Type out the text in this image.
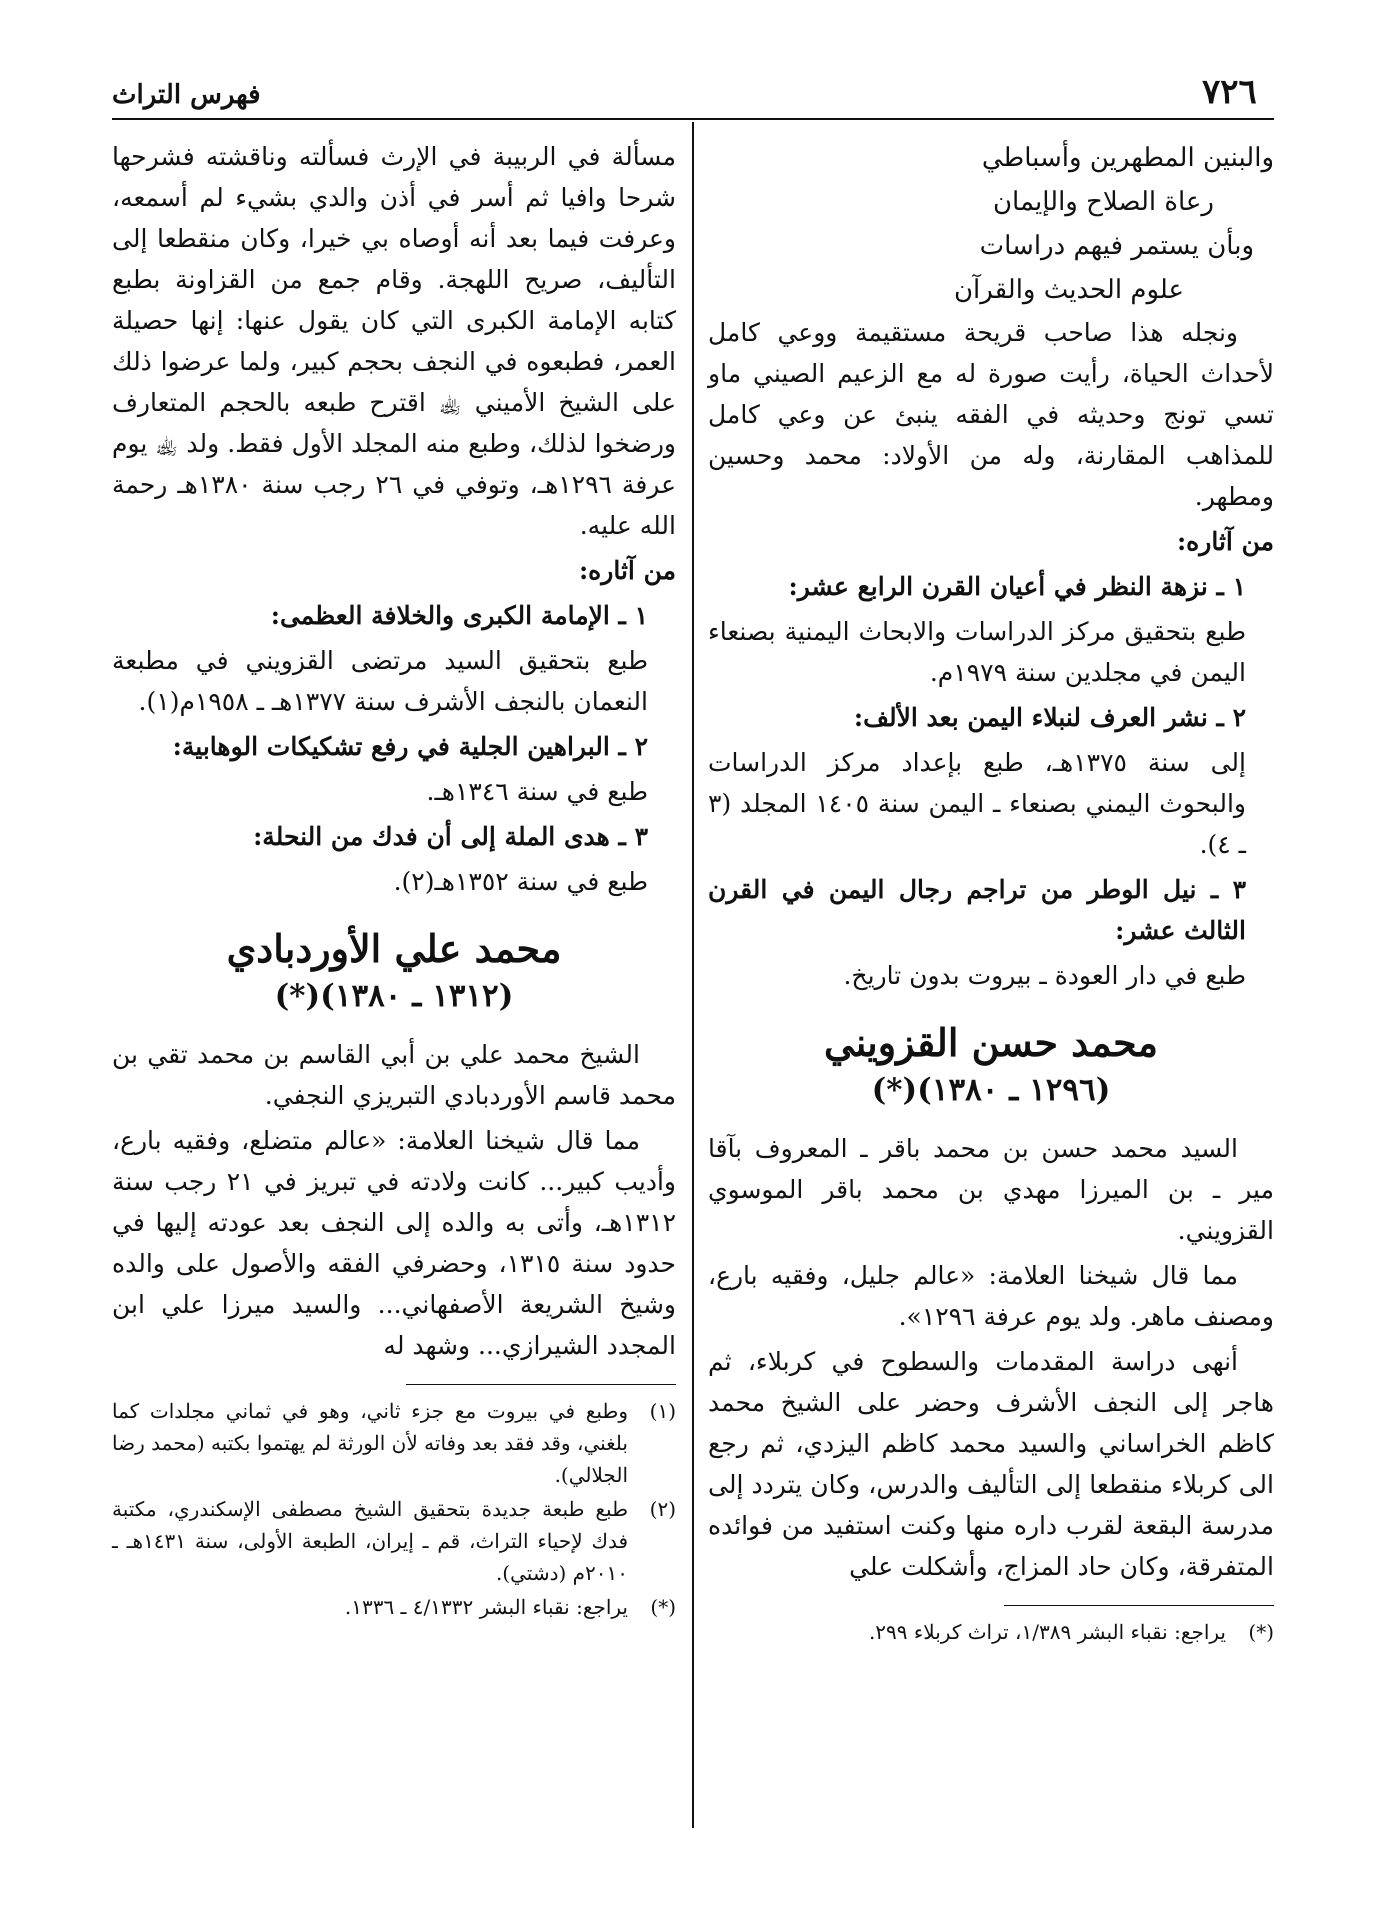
٧٢٦
فهرس التراث
والبنين المطهرين وأسباطي
رعاة الصلاح والإيمان
وبأن يستمر فيهم دراسات
علوم الحديث والقرآن

ونجله هذا صاحب قريحة مستقيمة ووعي كامل لأحداث الحياة، رأيت صورة له مع الزعيم الصيني ماو تسي تونج وحديثه في الفقه ينبئ عن وعي كامل للمذاهب المقارنة، وله من الأولاد: محمد وحسين ومطهر.

من آثاره:

١ ـ نزهة النظر في أعيان القرن الرابع عشر:

طبع بتحقيق مركز الدراسات والابحاث اليمنية بصنعاء اليمن في مجلدين سنة ١٩٧٩م.

٢ ـ نشر العرف لنبلاء اليمن بعد الألف:

إلى سنة ١٣٧٥هـ، طبع بإعداد مركز الدراسات والبحوث اليمني بصنعاء ـ اليمن سنة ١٤٠٥ المجلد (٣ ـ ٤).

٣ ـ نيل الوطر من تراجم رجال اليمن في القرن الثالث عشر:

طبع في دار العودة ـ بيروت بدون تاريخ.

محمد حسن القزويني
(١٢٩٦ ـ ١٣٨٠)(*)

السيد محمد حسن بن محمد باقر ـ المعروف بآقا مير ـ بن الميرزا مهدي بن محمد باقر الموسوي القزويني.

مما قال شيخنا العلامة: «عالم جليل، وفقيه بارع، ومصنف ماهر. ولد يوم عرفة ١٢٩٦».

أنهى دراسة المقدمات والسطوح في كربلاء، ثم هاجر إلى النجف الأشرف وحضر على الشيخ محمد كاظم الخراساني والسيد محمد كاظم اليزدي، ثم رجع الى كربلاء منقطعا إلى التأليف والدرس، وكان يتردد إلى مدرسة البقعة لقرب داره منها وكنت استفيد من فوائده المتفرقة، وكان حاد المزاج، وأشكلت علي

(*)
يراجع: نقباء البشر ١/٣٨٩، تراث كربلاء ٢٩٩.

مسألة في الربيبة في الإرث فسألته وناقشته فشرحها شرحا وافيا ثم أسر في أذن والدي بشيء لم أسمعه، وعرفت فيما بعد أنه أوصاه بي خيرا، وكان منقطعا إلى التأليف، صريح اللهجة. وقام جمع من القزاونة بطبع كتابه الإمامة الكبرى التي كان يقول عنها: إنها حصيلة العمر، فطبعوه في النجف بحجم كبير، ولما عرضوا ذلك على الشيخ الأميني ﵀ اقترح طبعه بالحجم المتعارف ورضخوا لذلك، وطبع منه المجلد الأول فقط. ولد ﵀ يوم عرفة ١٢٩٦هـ، وتوفي في ٢٦ رجب سنة ١٣٨٠هـ رحمة الله عليه.

من آثاره:

١ ـ الإمامة الكبرى والخلافة العظمى:

طبع بتحقيق السيد مرتضى القزويني في مطبعة النعمان بالنجف الأشرف سنة ١٣٧٧هـ ـ ١٩٥٨م(١).

٢ ـ البراهين الجلية في رفع تشكيكات الوهابية:

طبع في سنة ١٣٤٦هـ.

٣ ـ هدى الملة إلى أن فدك من النحلة:

طبع في سنة ١٣٥٢هـ(٢).

محمد علي الأوردبادي
(١٣١٢ ـ ١٣٨٠)(*)

الشيخ محمد علي بن أبي القاسم بن محمد تقي بن محمد قاسم الأوردبادي التبريزي النجفي.

مما قال شيخنا العلامة: «عالم متضلع، وفقيه بارع، وأديب كبير... كانت ولادته في تبريز في ٢١ رجب سنة ١٣١٢هـ، وأتى به والده إلى النجف بعد عودته إليها في حدود سنة ١٣١٥، وحضرفي الفقه والأصول على والده وشيخ الشريعة الأصفهاني... والسيد ميرزا علي ابن المجدد الشيرازي... وشهد له

(١)
وطبع في بيروت مع جزء ثاني، وهو في ثماني مجلدات كما بلغني، وقد فقد بعد وفاته لأن الورثة لم يهتموا بكتبه (محمد رضا الجلالي).
(٢)
طبع طبعة جديدة بتحقيق الشيخ مصطفى الإسكندري، مكتبة فدك لإحياء التراث، قم ـ إيران، الطبعة الأولى، سنة ١٤٣١هـ ـ ٢٠١٠م (دشتي).
(*)
يراجع: نقباء البشر ٤/١٣٣٢ ـ ١٣٣٦.
